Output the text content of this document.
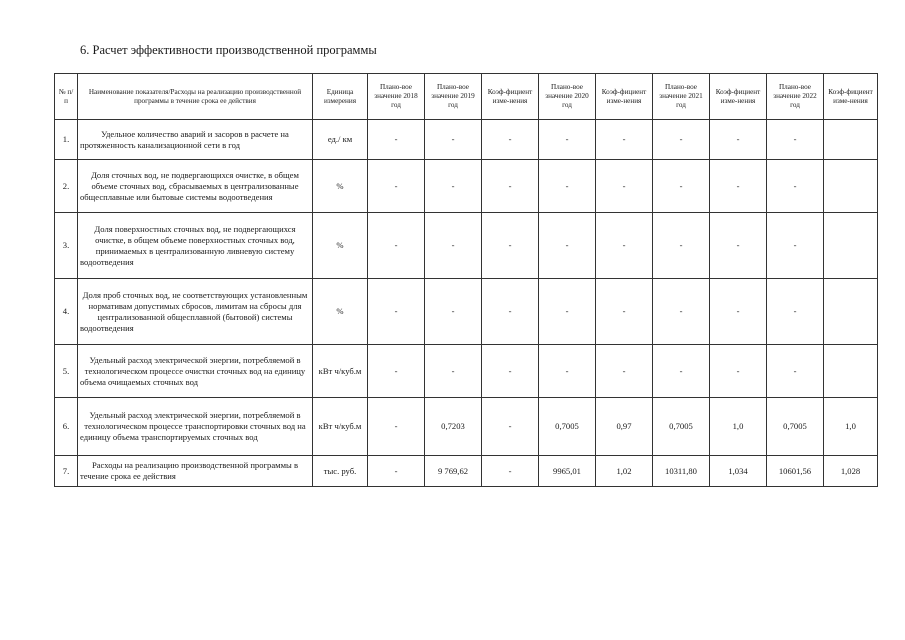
6. Расчет эффективности производственной программы
№ п/п	Наименование показателя/Расходы на реализацию производственной программы в течение срока ее действия	Единица измерения	Плано-вое значение 2018 год	Плано-вое значение 2019 год	Коэф-фициент изме-нения	Плано-вое значение 2020 год	Коэф-фициент изме-нения	Плано-вое значение 2021 год	Коэф-фициент изме-нения	Плано-вое значение 2022 год	Коэф-фициент изме-нения
1.	Удельное количество аварий и засоров в расчете на протяженность канализационной сети в год	ед./ км	-	-	-	-	-	-	-	-	
2.	Доля сточных вод, не подвергающихся очистке, в общем объеме сточных вод, сбрасываемых в централизованные общесплавные или бытовые системы водоотведения	%	-	-	-	-	-	-	-	-	
3.	Доля поверхностных сточных вод, не подвергающихся очистке, в общем объеме поверхностных сточных вод, принимаемых в централизованную ливневую систему водоотведения	%	-	-	-	-	-	-	-	-	
4.	Доля проб сточных вод, не соответствующих установленным нормативам допустимых сбросов, лимитам на сбросы для централизованной общесплавной (бытовой) системы водоотведения	%	-	-	-	-	-	-	-	-	
5.	Удельный расход электрической энергии, потребляемой в технологическом процессе очистки сточных вод на единицу объема очищаемых сточных вод	кВт ч/куб.м	-	-	-	-	-	-	-	-	
6.	Удельный расход электрической энергии, потребляемой в технологическом процессе транспортировки сточных вод на единицу объема транспортируемых сточных вод	кВт ч/куб.м	-	0,7203	-	0,7005	0,97	0,7005	1,0	0,7005	1,0
7.	Расходы на реализацию производственной программы в течение срока ее действия	тыс. руб.	-	9 769,62	-	9965,01	1,02	10311,80	1,034	10601,56	1,028
